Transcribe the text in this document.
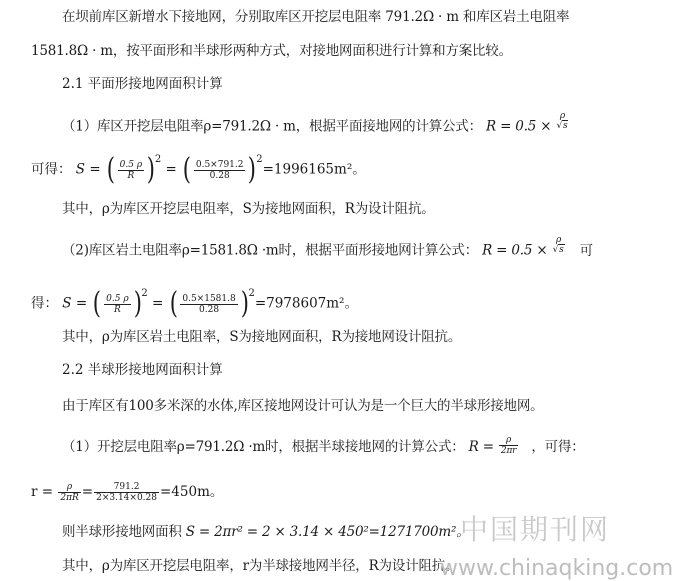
在坝前库区新增水下接地网，分别取库区开挖层电阻率 791.2Ω · m 和库区岩土电阻率
1581.8Ω · m，按平面形和半球形两种方式，对接地网面积进行计算和方案比较。
2.1 平面形接地网面积计算
（1）库区开挖层电阻率ρ=791.2Ω · m，根据平面接地网的计算公式： R = 0.5 ×
ρ
√s
可得： S = ( $\frac{0.5 \rho}{R} )^2$ = ( $\frac{0.5\times 791.2}{0.28} )^2=1996165m^2$。
其中，ρ为库区开挖层电阻率，S为接地网面积，R为设计阻抗。
（2)库区岩土电阻率ρ=1581.8Ω ·m时，根据平面形接地网计算公式： R = 0.5 ×
ρ
√s 可
得： S = ( $\frac{0.5 \rho}{R} )^2$ = ( $\frac{0.5\times 1581.8}{0.28} )^2=7978607m^2$。
其中，ρ为库区岩土电阻率，S为接地网面积，R为接地网设计阻抗。
2.2 半球形接地网面积计算
由于库区有100多米深的水体,库区接地网设计可认为是一个巨大的半球形接地网。
（1）开挖层电阻率ρ=791.2Ω ·m时，根据半球接地网的计算公式： $R = \frac{\rho}{2\pi r}$ ，可得：
$r = \frac{\rho}{2\pi R} = \frac{791.2}{2\times 3.14\times 0.28} =450m$。
则半球形接地网面积 S = 2πr² = 2 × 3.14 × 450²=1271700m²。
其中，ρ为库区开挖层电阻率，r为半球接地网半径，R为设计阻抗。
中国期刊网
www.chinaqking.com
